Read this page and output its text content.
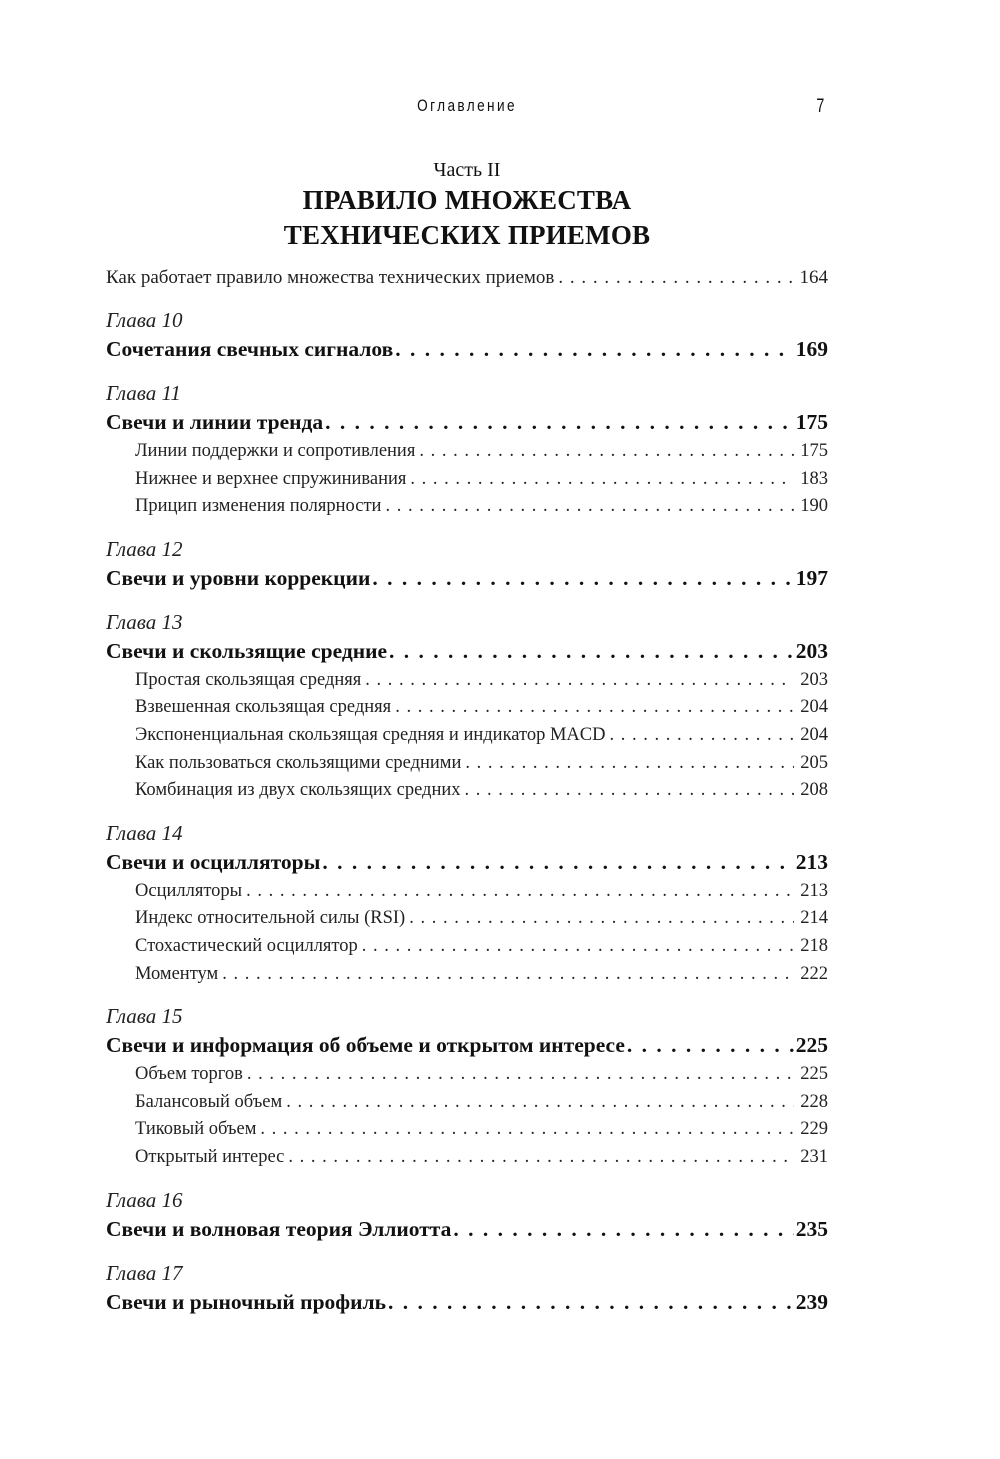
Оглавление	7
Часть II
ПРАВИЛО МНОЖЕСТВА
ТЕХНИЧЕСКИХ ПРИЕМОВ
Как работает правило множества технических приемов . . .	164
Глава 10
Сочетания свечных сигналов . . .	169
Глава 11
Свечи и линии тренда . . .	175
Линии поддержки и сопротивления . . .	175
Нижнее и верхнее спружинивания . . .	183
Прицип изменения полярности . . .	190
Глава 12
Свечи и уровни коррекции . . .	197
Глава 13
Свечи и скользящие средние . . .	203
Простая скользящая средняя . . .	203
Взвешенная скользящая средняя . . .	204
Экспоненциальная скользящая средняя и индикатор MACD . . .	204
Как пользоваться скользящими средними . . .	205
Комбинация из двух скользящих средних . . .	208
Глава 14
Свечи и осцилляторы . . .	213
Осцилляторы . . .	213
Индекс относительной силы (RSI) . . .	214
Стохастический осциллятор . . .	218
Моментум . . .	222
Глава 15
Свечи и информация об объеме и открытом интересе . . .	225
Объем торгов . . .	225
Балансовый объем . . .	228
Тиковый объем . . .	229
Открытый интерес . . .	231
Глава 16
Свечи и волновая теория Эллиотта . . .	235
Глава 17
Свечи и рыночный профиль . . .	239
